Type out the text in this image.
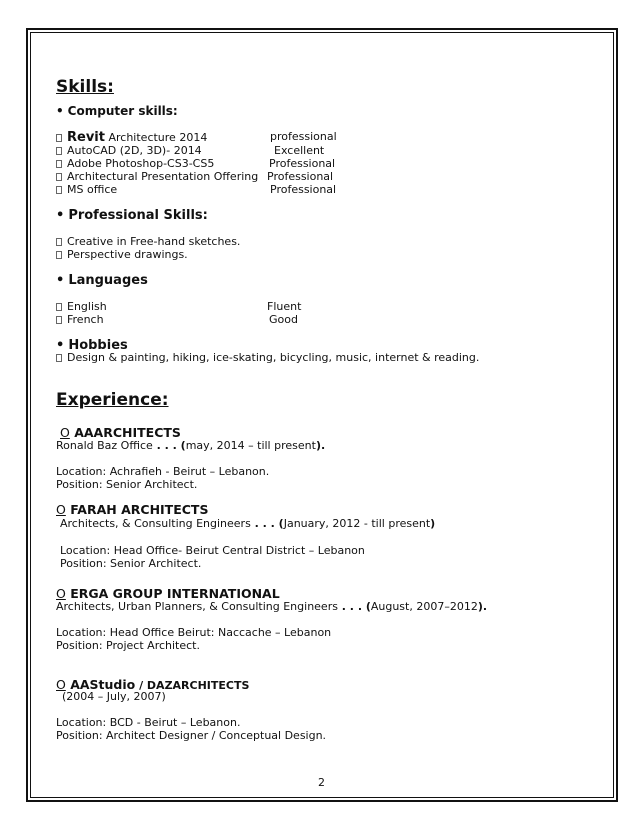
Skills:
• Computer skills:
Revit Architecture 2014	professional
AutoCAD (2D, 3D)- 2014	Excellent
Adobe Photoshop-CS3-CS5	Professional
Architectural Presentation Offering Professional
MS office	Professional
• Professional Skills:
Creative in Free-hand sketches.
Perspective drawings.
• Languages
English	Fluent
French	Good
• Hobbies
Design & painting, hiking, ice-skating, bicycling, music, internet & reading.
Experience:
O AAARCHITECTS
Ronald Baz Office . . . (may, 2014 – till present).
Location: Achrafieh - Beirut – Lebanon.
Position: Senior Architect.
O FARAH ARCHITECTS
Architects, & Consulting Engineers . . . (January, 2012 - till present)
Location: Head Office- Beirut Central District – Lebanon
Position: Senior Architect.
O ERGA GROUP INTERNATIONAL
Architects, Urban Planners, & Consulting Engineers . . . (August, 2007–2012).
Location: Head Office Beirut: Naccache – Lebanon
Position: Project Architect.
O AAStudio / DAZARCHITECTS
(2004 – July, 2007)
Location: BCD - Beirut – Lebanon.
Position: Architect Designer / Conceptual Design.
2
